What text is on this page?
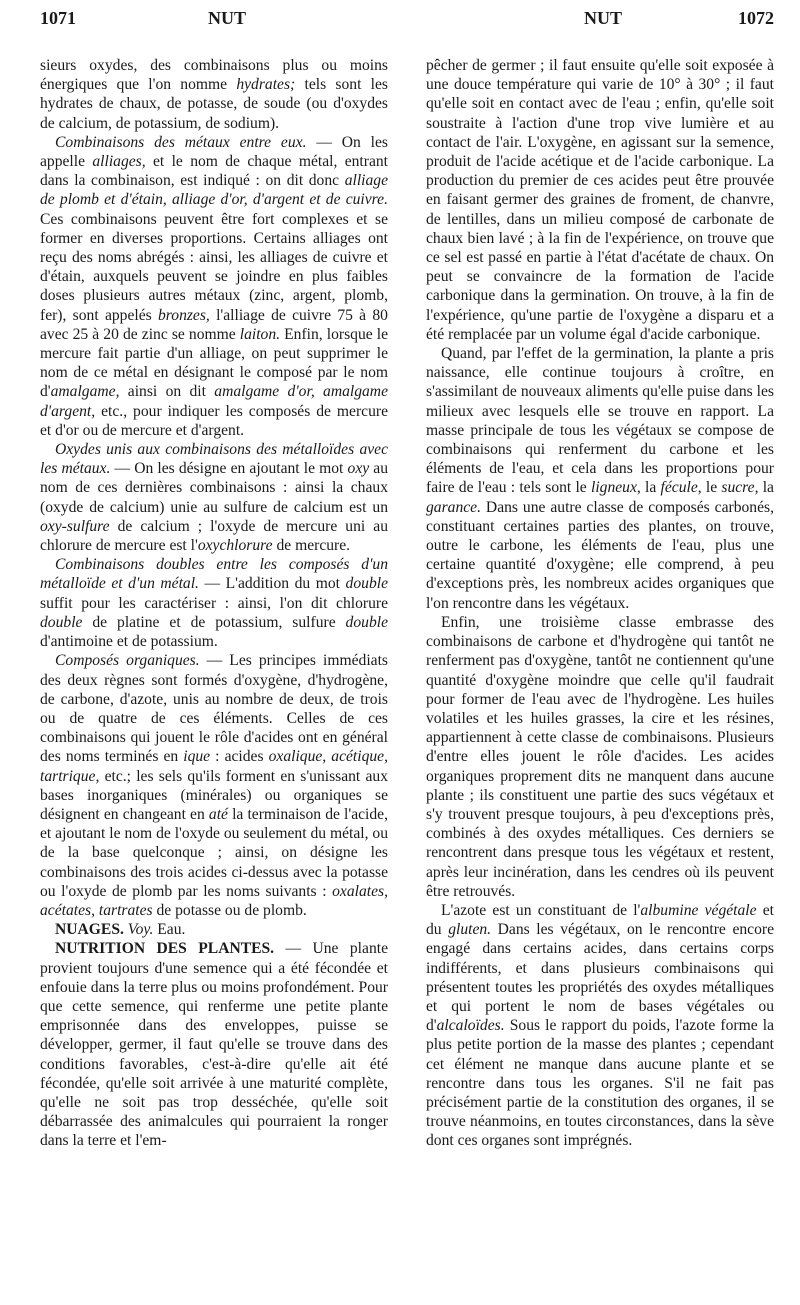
1071	NUT	NUT	1072

sieurs oxydes, des combinaisons plus ou moins énergiques que l'on nomme hydrates; tels sont les hydrates de chaux, de potasse, de soude (ou d'oxydes de calcium, de potassium, de sodium).

Combinaisons des métaux entre eux. — On les appelle alliages, et le nom de chaque métal, entrant dans la combinaison, est indiqué : on dit donc alliage de plomb et d'étain, alliage d'or, d'argent et de cuivre. Ces combinaisons peuvent être fort complexes et se former en diverses proportions. Certains alliages ont reçu des noms abrégés : ainsi, les alliages de cuivre et d'étain, auxquels peuvent se joindre en plus faibles doses plusieurs autres métaux (zinc, argent, plomb, fer), sont appelés bronzes, l'alliage de cuivre 75 à 80 avec 25 à 20 de zinc se nomme laiton. Enfin, lorsque le mercure fait partie d'un alliage, on peut supprimer le nom de ce métal en désignant le composé par le nom d'amalgame, ainsi on dit amalgame d'or, amalgame d'argent, etc., pour indiquer les composés de mercure et d'or ou de mercure et d'argent.

Oxydes unis aux combinaisons des métalloïdes avec les métaux. — On les désigne en ajoutant le mot oxy au nom de ces dernières combinaisons : ainsi la chaux (oxyde de calcium) unie au sulfure de calcium est un oxy-sulfure de calcium ; l'oxyde de mercure uni au chlorure de mercure est l'oxychlorure de mercure.

Combinaisons doubles entre les composés d'un métalloïde et d'un métal. — L'addition du mot double suffit pour les caractériser : ainsi, l'on dit chlorure double de platine et de potassium, sulfure double d'antimoine et de potassium.

Composés organiques. — Les principes immédiats des deux règnes sont formés d'oxygène, d'hydrogène, de carbone, d'azote, unis au nombre de deux, de trois ou de quatre de ces éléments. Celles de ces combinaisons qui jouent le rôle d'acides ont en général des noms terminés en ique : acides oxalique, acétique, tartrique, etc.; les sels qu'ils forment en s'unissant aux bases inorganiques (minérales) ou organiques se désignent en changeant en até la terminaison de l'acide, et ajoutant le nom de l'oxyde ou seulement du métal, ou de la base quelconque ; ainsi, on désigne les combinaisons des trois acides ci-dessus avec la potasse ou l'oxyde de plomb par les noms suivants : oxalates, acétates, tartrates de potasse ou de plomb.

NUAGES. Voy. Eau.

NUTRITION DES PLANTES. — Une plante provient toujours d'une semence qui a été fécondée et enfouie dans la terre plus ou moins profondément. Pour que cette semence, qui renferme une petite plante emprisonnée dans des enveloppes, puisse se développer, germer, il faut qu'elle se trouve dans des conditions favorables, c'est-à-dire qu'elle ait été fécondée, qu'elle soit arrivée à une maturité complète, qu'elle ne soit pas trop desséchée, qu'elle soit débarrassée des animalcules qui pourraient la ronger dans la terre et l'em-

pêcher de germer ; il faut ensuite qu'elle soit exposée à une douce température qui varie de 10° à 30° ; il faut qu'elle soit en contact avec de l'eau ; enfin, qu'elle soit soustraite à l'action d'une trop vive lumière et au contact de l'air. L'oxygène, en agissant sur la semence, produit de l'acide acétique et de l'acide carbonique. La production du premier de ces acides peut être prouvée en faisant germer des graines de froment, de chanvre, de lentilles, dans un milieu composé de carbonate de chaux bien lavé ; à la fin de l'expérience, on trouve que ce sel est passé en partie à l'état d'acétate de chaux. On peut se convaincre de la formation de l'acide carbonique dans la germination. On trouve, à la fin de l'expérience, qu'une partie de l'oxygène a disparu et a été remplacée par un volume égal d'acide carbonique.

Quand, par l'effet de la germination, la plante a pris naissance, elle continue toujours à croître, en s'assimilant de nouveaux aliments qu'elle puise dans les milieux avec lesquels elle se trouve en rapport. La masse principale de tous les végétaux se compose de combinaisons qui renferment du carbone et les éléments de l'eau, et cela dans les proportions pour faire de l'eau : tels sont le ligneux, la fécule, le sucre, la garance. Dans une autre classe de composés carbonés, constituant certaines parties des plantes, on trouve, outre le carbone, les éléments de l'eau, plus une certaine quantité d'oxygène; elle comprend, à peu d'exceptions près, les nombreux acides organiques que l'on rencontre dans les végétaux.

Enfin, une troisième classe embrasse des combinaisons de carbone et d'hydrogène qui tantôt ne renferment pas d'oxygène, tantôt ne contiennent qu'une quantité d'oxygène moindre que celle qu'il faudrait pour former de l'eau avec de l'hydrogène. Les huiles volatiles et les huiles grasses, la cire et les résines, appartiennent à cette classe de combinaisons. Plusieurs d'entre elles jouent le rôle d'acides. Les acides organiques proprement dits ne manquent dans aucune plante ; ils constituent une partie des sucs végétaux et s'y trouvent presque toujours, à peu d'exceptions près, combinés à des oxydes métalliques. Ces derniers se rencontrent dans presque tous les végétaux et restent, après leur incinération, dans les cendres où ils peuvent être retrouvés.

L'azote est un constituant de l'albumine végétale et du gluten. Dans les végétaux, on le rencontre encore engagé dans certains acides, dans certains corps indifférents, et dans plusieurs combinaisons qui présentent toutes les propriétés des oxydes métalliques et qui portent le nom de bases végétales ou d'alcaloïdes. Sous le rapport du poids, l'azote forme la plus petite portion de la masse des plantes ; cependant cet élément ne manque dans aucune plante et se rencontre dans tous les organes. S'il ne fait pas précisément partie de la constitution des organes, il se trouve néanmoins, en toutes circonstances, dans la sève dont ces organes sont imprégnés.
